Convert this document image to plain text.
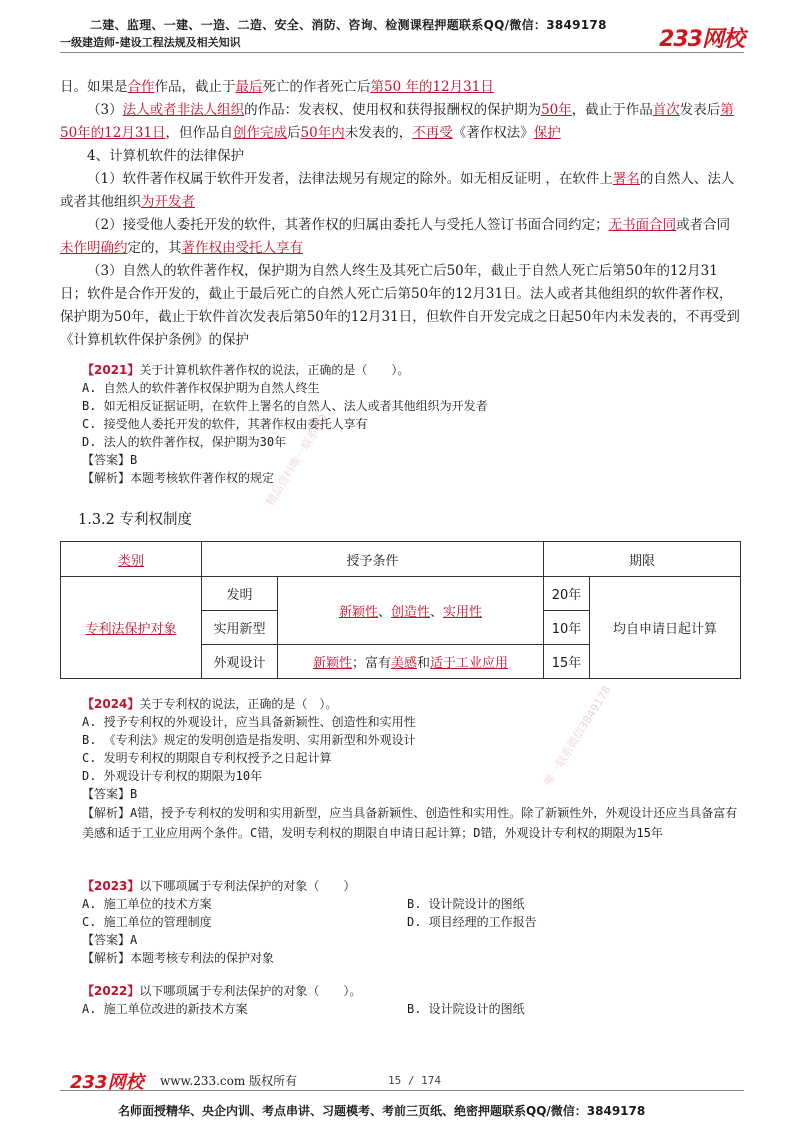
二建、监理、一建、一造、二造、安全、消防、咨询、检测课程押题联系QQ/微信：3849178
一级建造师-建设工程法规及相关知识	233网校

日。如果是合作作品，截止于最后死亡的作者死亡后第50 年的12月31日

（3）法人或者非法人组织的作品：发表权、使用权和获得报酬权的保护期为50年，截止于作品首次发表后第50年的12月31日，但作品自创作完成后50年内未发表的，不再受《著作权法》保护

4、计算机软件的法律保护

（1）软件著作权属于软件开发者，法律法规另有规定的除外。如无相反证明 ，在软件上署名的自然人、法人或者其他组织为开发者

（2）接受他人委托开发的软件，其著作权的归属由委托人与受托人签订书面合同约定；无书面合同或者合同未作明确约定的，其著作权由受托人享有

（3）自然人的软件著作权，保护期为自然人终生及其死亡后50年，截止于自然人死亡后第50年的12月31日；软件是合作开发的，截止于最后死亡的自然人死亡后第50年的12月31日。法人或者其他组织的软件著作权，保护期为50年，截止于软件首次发表后第50年的12月31日，但软件自开发完成之日起50年内未发表的，不再受到《计算机软件保护条例》的保护

【2021】关于计算机软件著作权的说法，正确的是（　　）。

A. 自然人的软件著作权保护期为自然人终生

B. 如无相反证据证明，在软件上署名的自然人、法人或者其他组织为开发者

C. 接受他人委托开发的软件，其著作权由委托人享有

D. 法人的软件著作权，保护期为30年

【答案】B

【解析】本题考核软件著作权的规定

精品资料唯一联系QQ
1.3.2 专利权制度
类别	授予条件		期限	
专利法保护对象	发明	新颖性、创造性、实用性	20年	均自申请日起计算
	实用新型		10年	
	外观设计	新颖性；富有美感和适于工业应用	15年	
唯一联系微信3849178

【2024】关于专利权的说法，正确的是（　）。

A. 授予专利权的外观设计，应当具备新颖性、创造性和实用性

B. 《专利法》规定的发明创造是指发明、实用新型和外观设计

C. 发明专利权的期限自专利权授予之日起计算

D. 外观设计专利权的期限为10年

【答案】B

【解析】A错，授予专利权的发明和实用新型，应当具备新颖性、创造性和实用性。除了新颖性外，外观设计还应当具备富有美感和适于工业应用两个条件。C错，发明专利权的期限自申请日起计算；D错，外观设计专利权的期限为15年

【2023】以下哪项属于专利法保护的对象（　　）

A. 施工单位的技术方案	B. 设计院设计的图纸
C. 施工单位的管理制度	D. 项目经理的工作报告

【答案】A

【解析】本题考核专利法的保护对象

【2022】以下哪项属于专利法保护的对象（　　）。

A. 施工单位改进的新技术方案	B. 设计院设计的图纸
233网校 www.233.com 版权所有	15 / 174
名师面授精华、央企内训、考点串讲、习题模考、考前三页纸、绝密押题联系QQ/微信：3849178
